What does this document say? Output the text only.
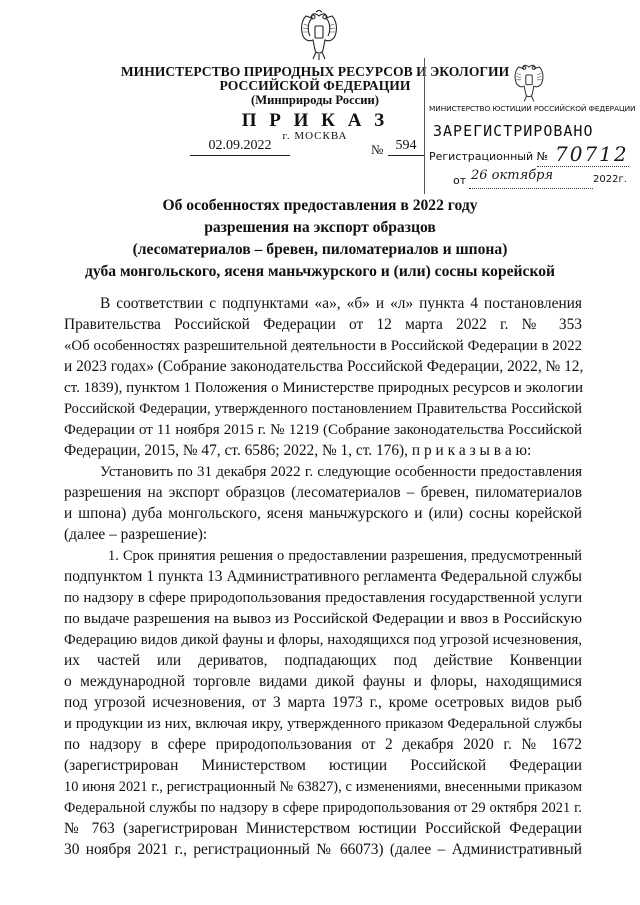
МИНИСТЕРСТВО ПРИРОДНЫХ РЕСУРСОВ И ЭКОЛОГИИ
РОССИЙСКОЙ ФЕДЕРАЦИИ
(Минприроды России)
П Р И К А З
г. МОСКВА
02.09.2022	№ 594
МИНИСТЕРСТВО ЮСТИЦИИ РОССИЙСКОЙ ФЕДЕРАЦИИ
ЗАРЕГИСТРИРОВАНО
Регистрационный № 70712
от 26 октября	2022г.
Об особенностях предоставления в 2022 году
разрешения на экспорт образцов
(лесоматериалов – бревен, пиломатериалов и шпона)
дуба монгольского, ясеня маньчжурского и (или) сосны корейской
В соответствии с подпунктами «а», «б» и «л» пункта 4 постановления
Правительства Российской Федерации от 12 марта 2022 г. № 353
«Об особенностях разрешительной деятельности в Российской Федерации в 2022
и 2023 годах» (Собрание законодательства Российской Федерации, 2022, № 12,
ст. 1839), пунктом 1 Положения о Министерстве природных ресурсов и экологии
Российской Федерации, утвержденного постановлением Правительства Российской
Федерации от 11 ноября 2015 г. № 1219 (Собрание законодательства Российской
Федерации, 2015, № 47, ст. 6586; 2022, № 1, ст. 176), п р и к а з ы в а ю:
Установить по 31 декабря 2022 г. следующие особенности предоставления
разрешения на экспорт образцов (лесоматериалов – бревен, пиломатериалов
и шпона) дуба монгольского, ясеня маньчжурского и (или) сосны корейской
(далее – разрешение):
1. Срок принятия решения о предоставлении разрешения, предусмотренный
подпунктом 1 пункта 13 Административного регламента Федеральной службы
по надзору в сфере природопользования предоставления государственной услуги
по выдаче разрешения на вывоз из Российской Федерации и ввоз в Российскую
Федерацию видов дикой фауны и флоры, находящихся под угрозой исчезновения,
их частей или дериватов, подпадающих под действие Конвенции
о международной торговле видами дикой фауны и флоры, находящимися
под угрозой исчезновения, от 3 марта 1973 г., кроме осетровых видов рыб
и продукции из них, включая икру, утвержденного приказом Федеральной службы
по надзору в сфере природопользования от 2 декабря 2020 г. № 1672
(зарегистрирован Министерством юстиции Российской Федерации
10 июня 2021 г., регистрационный № 63827), с изменениями, внесенными приказом
Федеральной службы по надзору в сфере природопользования от 29 октября 2021 г.
№ 763 (зарегистрирован Министерством юстиции Российской Федерации
30 ноября 2021 г., регистрационный № 66073) (далее – Административный
